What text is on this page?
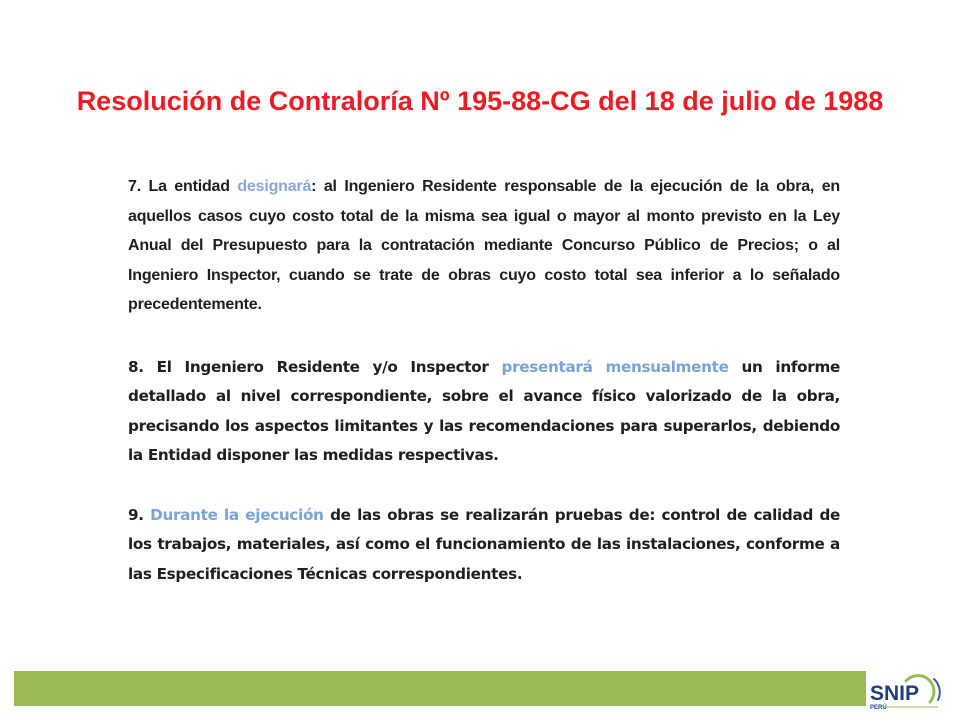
Resolución de Contraloría Nº 195-88-CG del 18 de julio de 1988

7. La entidad designará: al Ingeniero Residente responsable de la ejecución de la obra, en aquellos casos cuyo costo total de la misma sea igual o mayor al monto previsto en la Ley Anual del Presupuesto para la contratación mediante Concurso Público de Precios; o al Ingeniero Inspector, cuando se trate de obras cuyo costo total sea inferior a lo señalado precedentemente.

8. El Ingeniero Residente y/o Inspector presentará mensualmente un informe detallado al nivel correspondiente, sobre el avance físico valorizado de la obra, precisando los aspectos limitantes y las recomendaciones para superarlos, debiendo la Entidad disponer las medidas respectivas.

9. Durante la ejecución de las obras se realizarán pruebas de: control de calidad de los trabajos, materiales, así como el funcionamiento de las instalaciones, conforme a las Especificaciones Técnicas correspondientes.

SNIP
PERÚ
